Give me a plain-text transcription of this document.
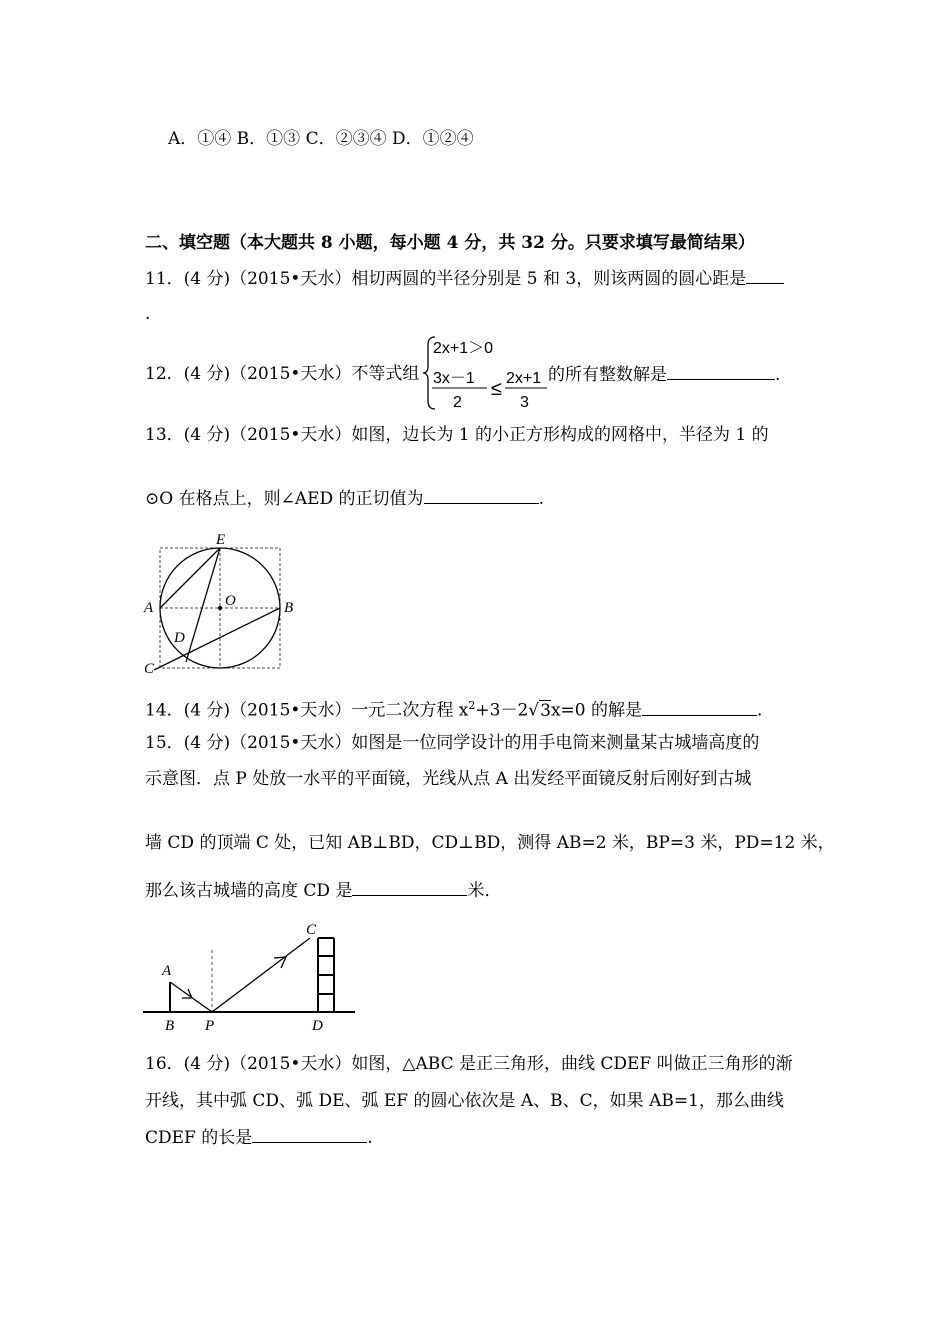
A．①④ B．①③ C．②③④ D．①②④
二、填空题（本大题共 8 小题，每小题 4 分，共 32 分。只要求填写最简结果）
11．(4 分)（2015•天水）相切两圆的半径分别是 5 和 3，则该两圆的圆心距是
.
12．(4 分)（2015•天水）不等式组
2x+1＞0
3x－1
2
≤ 2x+1
3
的所有整数解是	.
13．(4 分)（2015•天水）如图，边长为 1 的小正方形构成的网格中，半径为 1 的
⊙O 在格点上，则∠AED 的正切值为	.
E
A	O	B
D
C
14．(4 分)（2015•天水）一元二次方程 $x^2+3-2√3x=0$ 的解是	.
15．(4 分)（2015•天水）如图是一位同学设计的用手电筒来测量某古城墙高度的
示意图．点 P 处放一水平的平面镜，光线从点 A 出发经平面镜反射后刚好到古城
墙 CD 的顶端 C 处，已知 AB⊥BD，CD⊥BD，测得 AB=2 米，BP=3 米，PD=12 米，
那么该古城墙的高度 CD 是	米．
A
B P
C
D
16．(4 分)（2015•天水）如图，△ABC 是正三角形，曲线 CDEF 叫做正三角形的渐
开线，其中弧 CD、弧 DE、弧 EF 的圆心依次是 A、B、C，如果 AB=1，那么曲线
CDEF 的长是	.
